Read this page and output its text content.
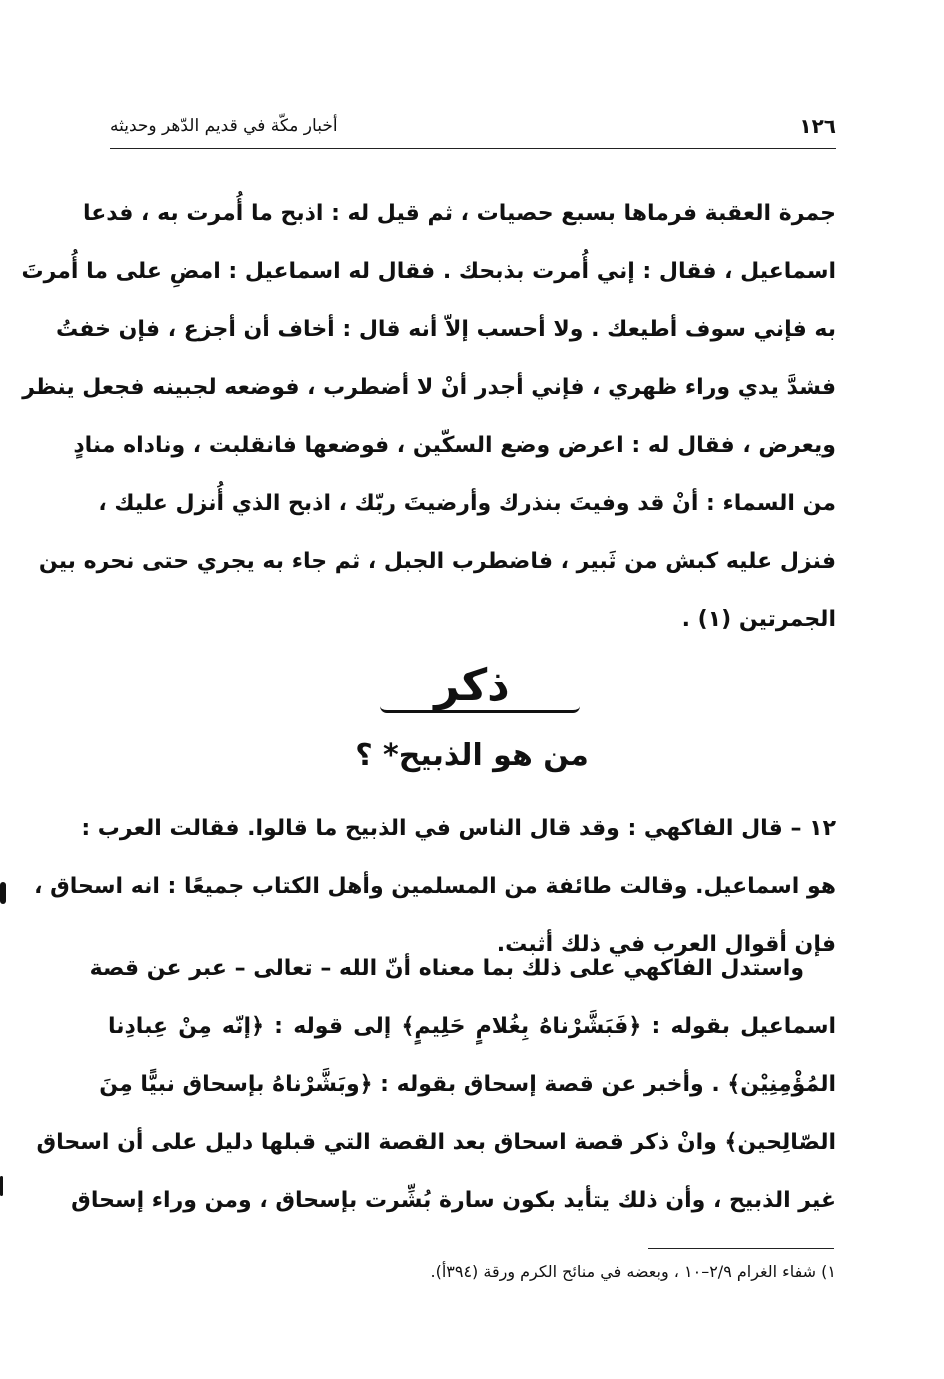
١٢٦
أخبار مكّة في قديم الدّهر وحديثه
جمرة العقبة فرماها بسبع حصيات ، ثم قيل له : اذبح ما أُمرت به ، فدعا
اسماعيل ، فقال : إني أُمرت بذبحك . فقال له اسماعيل : امضِ على ما أُمرتَ
به فإني سوف أطيعك . ولا أحسب إلاّ أنه قال : أخاف أن أجزع ، فإن خفتُ
فشدَّ يدي وراء ظهري ، فإني أجدر أنْ لا أضطرب ، فوضعه لجبينه فجعل ينظر
ويعرض ، فقال له : اعرض وضع السكّين ، فوضعها فانقلبت ، وناداه منادٍ
من السماء : أنْ قد وفيتَ بنذرك وأرضيتَ ربّك ، اذبح الذي أُنزل عليك ،
فنزل عليه كبش من ثَبير ، فاضطرب الجبل ، ثم جاء به يجري حتى نحره بين
الجمرتين (١) .
ذكر
من هو الذبيح* ؟
١٢ – قال الفاكهي : وقد قال الناس في الذبيح ما قالوا. فقالت العرب :
هو اسماعيل. وقالت طائفة من المسلمين وأهل الكتاب جميعًا : انه اسحاق ،
فإن أقوال العرب في ذلك أثبت.
واستدل الفاكهي على ذلك بما معناه أنّ الله – تعالى – عبر عن قصة
اسماعيل بقوله : ﴿فَبَشَّرْناهُ بِغُلامٍ حَلِيمٍ﴾ إلى قوله : ﴿إنّه مِنْ عِبادِنا
المُؤْمِنِيْن﴾ . وأخبر عن قصة إسحاق بقوله : ﴿وبَشَّرْناهُ بإسحاق نبيًّا مِنَ
الصّالِحين﴾ وانْ ذكر قصة اسحاق بعد القصة التي قبلها دليل على أن اسحاق
غير الذبيح ، وأن ذلك يتأيد بكون سارة بُشِّرت بإسحاق ، ومن وراء إسحاق
١) شفاء الغرام ٢/٩–١٠ ، وبعضه في منائح الكرم ورقة (٣٩٤أ).
